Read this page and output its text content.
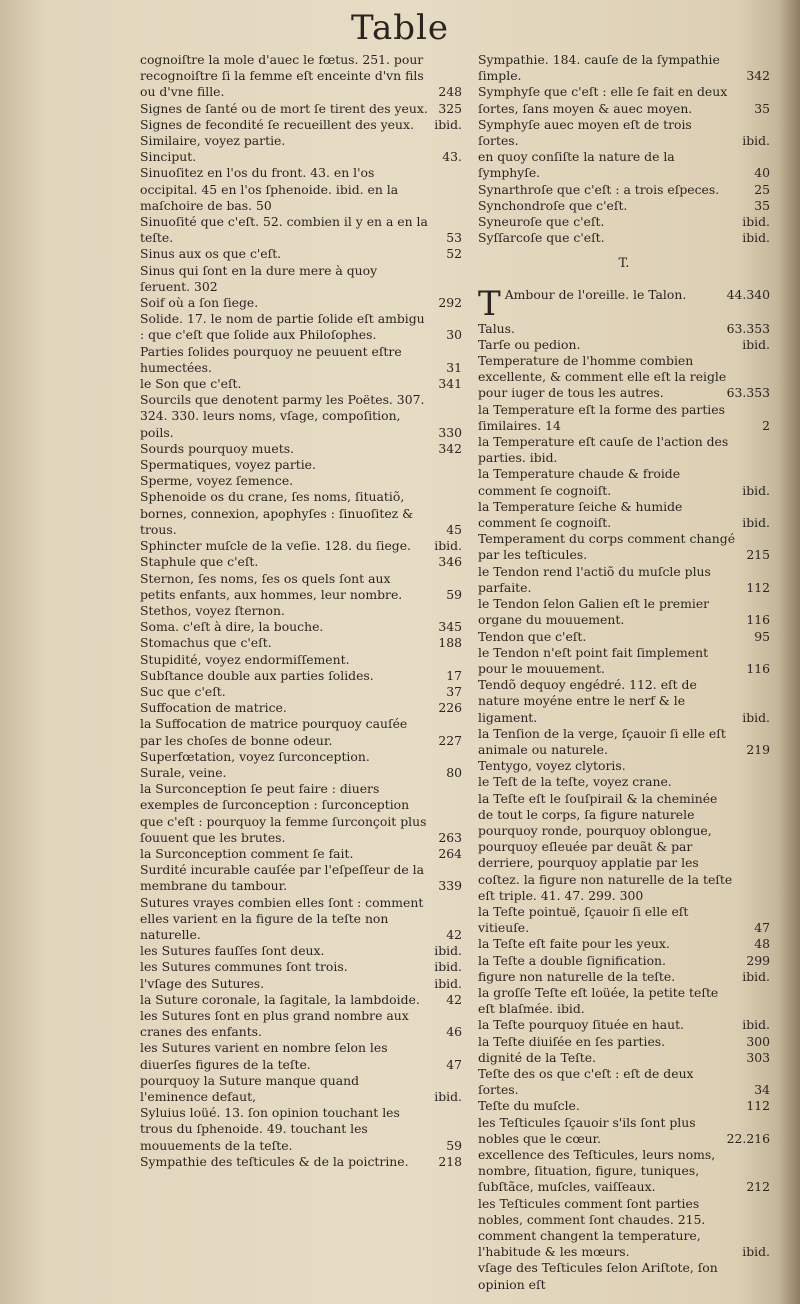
Table
cognoiſtre la mole d'auec le fœtus. 251. pour recognoiſtre ſi la femme eſt enceinte d'vn fils ou d'vne fille.	248
Signes de ſanté ou de mort ſe tirent des yeux. 325
Signes de fecondité ſe recueillent des yeux. ibid.
Similaire, voyez partie.
Sinciput.	43.
Sinuoſitez en l'os du front. 43. en l'os occipital. 45 en l'os ſphenoide. ibid. en la maſchoire de bas. 50
Sinuoſité que c'eſt. 52. combien il y en a en la teſte.	53
Sinus aux os que c'eſt.	52
Sinus qui ſont en la dure mere à quoy ſeruent. 302
Soif où a ſon ſiege.	292
Solide. 17. le nom de partie ſolide eſt ambigu : que c'eſt que ſolide aux Philoſophes.	30
Parties ſolides pourquoy ne peuuent eſtre humectées.	31
le Son que c'eſt.	341
Sourcils que denotent parmy les Poëtes. 307. 324. 330. leurs noms, vſage, compoſition, poils.	330
Sourds pourquoy muets.	342
Spermatiques, voyez partie.
Sperme, voyez ſemence.
Sphenoide os du crane, ſes noms, ſituatiõ, bornes, connexion, apophyſes : ſinuoſitez & trous.	45
Sphincter muſcle de la veſie. 128. du ſiege. ibid.
Staphule que c'eſt.	346
Sternon, ſes noms, ſes os quels ſont aux petits enfants, aux hommes, leur nombre.	59
Stethos, voyez ſternon.
Soma. c'eſt à dire, la bouche.	345
Stomachus que c'eſt.	188
Stupidité, voyez endormiſſement.
Subſtance double aux parties ſolides.	17
Suc que c'eſt.	37
Suffocation de matrice.	226
la Suffocation de matrice pourquoy cauſée par les choſes de bonne odeur.	227
Superfœtation, voyez ſurconception.
Surale, veine.	80
la Surconception ſe peut faire : diuers exemples de ſurconception : ſurconception que c'eſt : pourquoy la femme ſurconçoit plus ſouuent que les brutes.	263
la Surconception comment ſe fait.	264
Surdité incurable cauſée par l'eſpeſſeur de la membrane du tambour.	339
Sutures vrayes combien elles ſont : comment elles varient en la figure de la teſte non naturelle.	42
les Sutures fauſſes ſont deux.	ibid.
les Sutures communes ſont trois.	ibid.
l'vſage des Sutures.	ibid.
la Suture coronale, la ſagitale, la lambdoide. 42
les Sutures ſont en plus grand nombre aux cranes des enfants.	46
les Sutures varient en nombre ſelon les diuerſes figures de la teſte.	47
pourquoy la Suture manque quand l'eminence defaut,	ibid.
Syluius loüé. 13. ſon opinion touchant les trous du ſphenoide. 49. touchant les mouuements de la teſte.	59
Sympathie des teſticules & de la poictrine. 218
Sympathie. 184. cauſe de la ſympathie ſimple.	342
Symphyſe que c'eſt : elle ſe fait en deux ſortes, ſans moyen & auec moyen.	35
Symphyſe auec moyen eſt de trois ſortes.	ibid.
en quoy conſiſte la nature de la ſymphyſe.	40
Synarthroſe que c'eſt : a trois eſpeces.	25
Synchondroſe que c'eſt.	35
Syneuroſe que c'eſt.	ibid.
Syſſarcoſe que c'eſt.	ibid.
T.
T Ambour de l'oreille. le Talon.	44.340
Talus.	63.353
Tarſe ou pedion.	ibid.
Temperature de l'homme combien excellente, & comment elle eſt la reigle pour iuger de tous les autres.	63.353
la Temperature eſt la forme des parties ſimilaires. 14	2
la Temperature eſt cauſe de l'action des parties. ibid.
la Temperature chaude & froide comment ſe cognoiſt.	ibid.
la Temperature ſeiche & humide comment ſe cognoiſt.	ibid.
Temperament du corps comment changé par les teſticules.	215
le Tendon rend l'actiõ du muſcle plus parfaite.	112
le Tendon ſelon Galien eſt le premier organe du mouuement.	116
Tendon que c'eſt.	95
le Tendon n'eſt point fait ſimplement pour le mouuement.	116
Tendõ dequoy engédré. 112. eſt de nature moyéne entre le nerf & le ligament.	ibid.
la Tenſion de la verge, ſçauoir ſi elle eſt animale ou naturele.	219
Tentygo, voyez clytoris.
le Teſt de la teſte, voyez crane.
la Teſte eſt le ſouſpirail & la cheminée de tout le corps, ſa figure naturele pourquoy ronde, pourquoy oblongue, pourquoy eſleuée par deuãt & par derriere, pourquoy applatie par les coſtez. la figure non naturelle de la teſte eſt triple. 41. 47. 299. 300
la Teſte pointuë, ſçauoir ſi elle eſt vitieuſe.	47
la Teſte eſt faite pour les yeux.	48
la Teſte a double ſignification.	299
figure non naturelle de la teſte.	ibid.
la groſſe Teſte eſt loüée, la petite teſte eſt blaſmée. ibid.
la Teſte pourquoy ſituée en haut.	ibid.
la Teſte diuiſée en ſes parties.	300
dignité de la Teſte.	303
Teſte des os que c'eſt : eſt de deux ſortes.	34
Teſte du muſcle.	112
les Teſticules ſçauoir s'ils ſont plus nobles que le cœur.	22.216
excellence des Teſticules, leurs noms, nombre, ſituation, figure, tuniques, ſubſtãce, muſcles, vaiſſeaux.	212
les Teſticules comment ſont parties nobles, comment ſont chaudes. 215. comment changent la temperature, l'habitude & les mœurs.	ibid.
vſage des Teſticules ſelon Ariſtote, ſon opinion eſt
